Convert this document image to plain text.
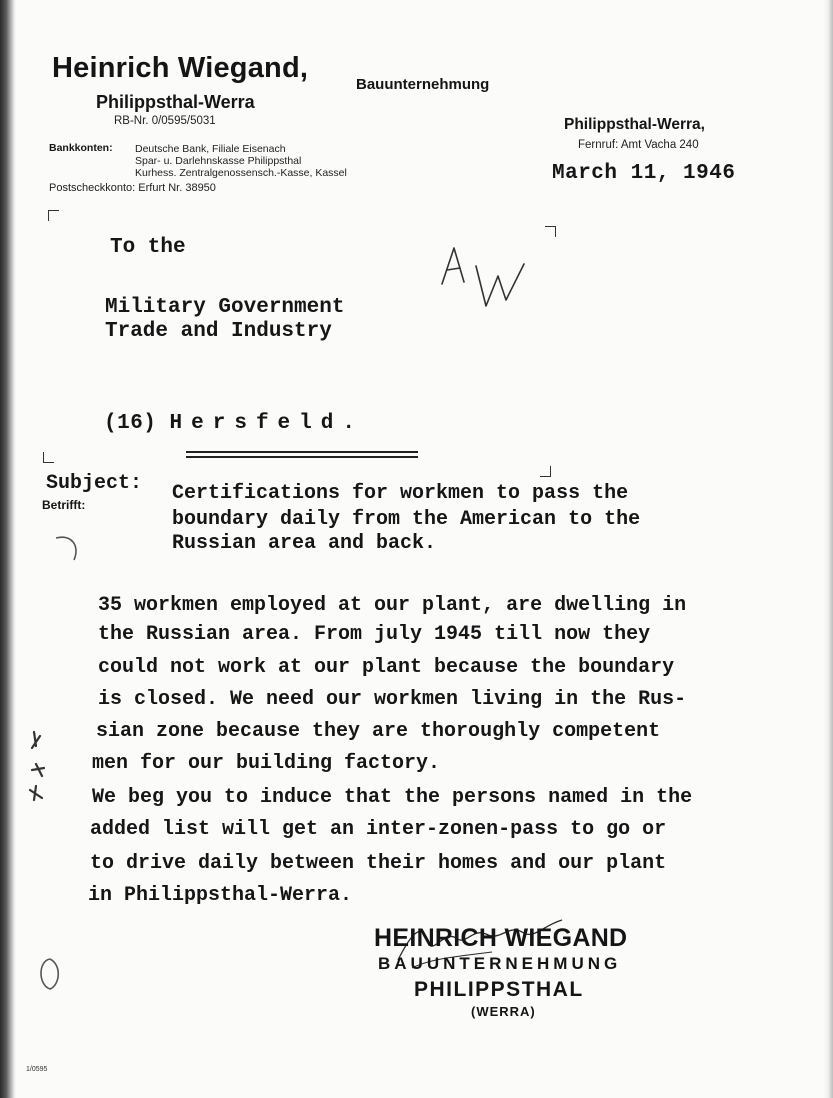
Heinrich Wiegand,
Bauunternehmung
Philippsthal-Werra
RB-Nr. 0/0595/5031
Bankkonten: Deutsche Bank, Filiale Eisenach
Spar- u. Darlehnskasse Philippsthal
Kurhess. Zentralgenossensch.-Kasse, Kassel
Postscheckkonto: Erfurt Nr. 38950
Philippsthal-Werra,
Fernruf: Amt Vacha 240
March 11, 1946
To the
Military Government
Trade and Industry
(16) Hersfeld.
Subject:
Betrifft:	Certifications for workmen to pass the
boundary daily from the American to the
Russian area and back.
35 workmen employed at our plant, are dwelling in
the Russian area. From july 1945 till now they
could not work at our plant because the boundary
is closed. We need our workmen living in the Rus-
sian zone because they are thoroughly competent
men for our building factory.
We beg you to induce that the persons named in the
added list will get an inter-zonen-pass to go or
to drive daily between their homes and our plant
in Philippsthal-Werra.
HEINRICH WIEGAND
BAUUNTERNEHMUNG
PHILIPPSTHAL
(WERRA)
1/0595
